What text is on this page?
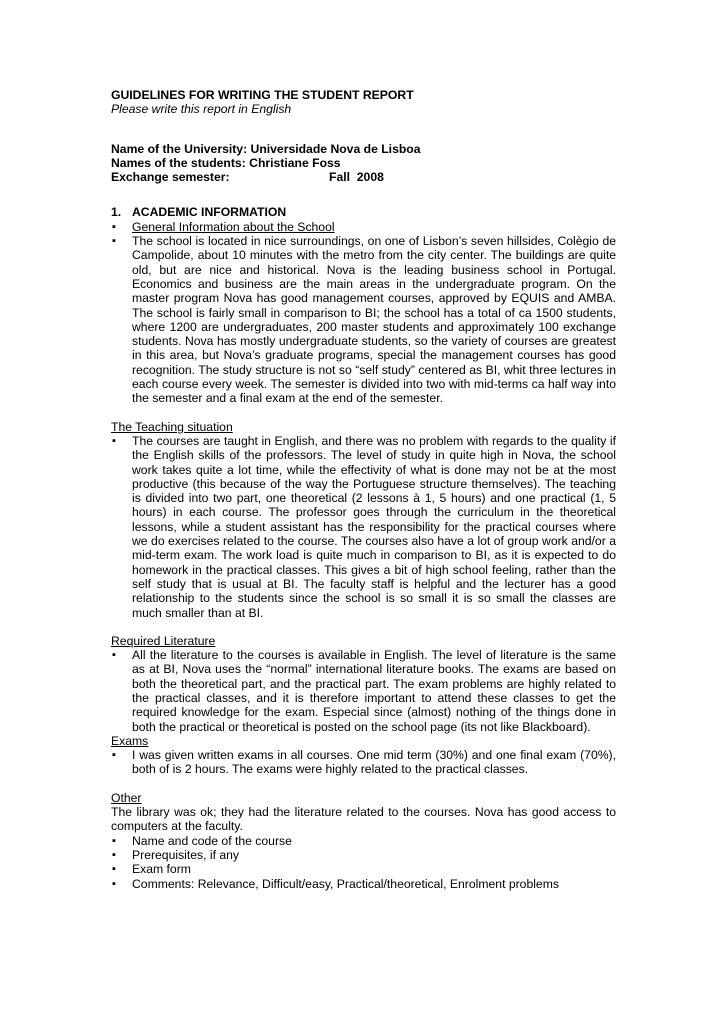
GUIDELINES FOR WRITING THE STUDENT REPORT

Please write this report in English

Name of the University: Universidade Nova de Lisboa
Names of the students: Christiane Foss
Exchange semester:	Fall  2008
1. ACADEMIC INFORMATION
▪ General Information about the School
▪ The school is located in nice surroundings, on one of Lisbon’s seven hillsides, Colègio de Campolide, about 10 minutes with the metro from the city center. The buildings are quite old, but are nice and historical. Nova is the leading business school in Portugal. Economics and business are the main areas in the undergraduate program. On the master program Nova has good management courses, approved by EQUIS and AMBA. The school is fairly small in comparison to BI; the school has a total of ca 1500 students, where 1200 are undergraduates, 200 master students and approximately 100 exchange students. Nova has mostly undergraduate students, so the variety of courses are greatest in this area, but Nova’s graduate programs, special the management courses has good recognition. The study structure is not so “self study” centered as BI, whit three lectures in each course every week. The semester is divided into two with mid-terms ca half way into the semester and a final exam at the end of the semester.

The Teaching situation

▪ The courses are taught in English, and there was no problem with regards to the quality if the English skills of the professors. The level of study in quite high in Nova, the school work takes quite a lot time, while the effectivity of what is done may not be at the most productive (this because of the way the Portuguese structure themselves). The teaching is divided into two part, one theoretical (2 lessons à 1, 5 hours) and one practical (1, 5 hours) in each course. The professor goes through the curriculum in the theoretical lessons, while a student assistant has the responsibility for the practical courses where we do exercises related to the course. The courses also have a lot of group work and/or a mid-term exam. The work load is quite much in comparison to BI, as it is expected to do homework in the practical classes. This gives a bit of high school feeling, rather than the self study that is usual at BI. The faculty staff is helpful and the lecturer has a good relationship to the students since the school is so small it is so small the classes are much smaller than at BI.

Required Literature

▪ All the literature to the courses is available in English. The level of literature is the same as at BI, Nova uses the “normal” international literature books. The exams are based on both the theoretical part, and the practical part. The exam problems are highly related to the practical classes, and it is therefore important to attend these classes to get the required knowledge for the exam. Especial since (almost) nothing of the things done in both the practical or theoretical is posted on the school page (its not like Blackboard).

Exams

▪ I was given written exams in all courses. One mid term (30%) and one final exam (70%), both of is 2 hours. The exams were highly related to the practical classes.

Other

The library was ok; they had the literature related to the courses. Nova has good access to computers at the faculty.

▪ Name and code of the course
▪ Prerequisites, if any
▪ Exam form
▪ Comments: Relevance, Difficult/easy, Practical/theoretical, Enrolment problems
